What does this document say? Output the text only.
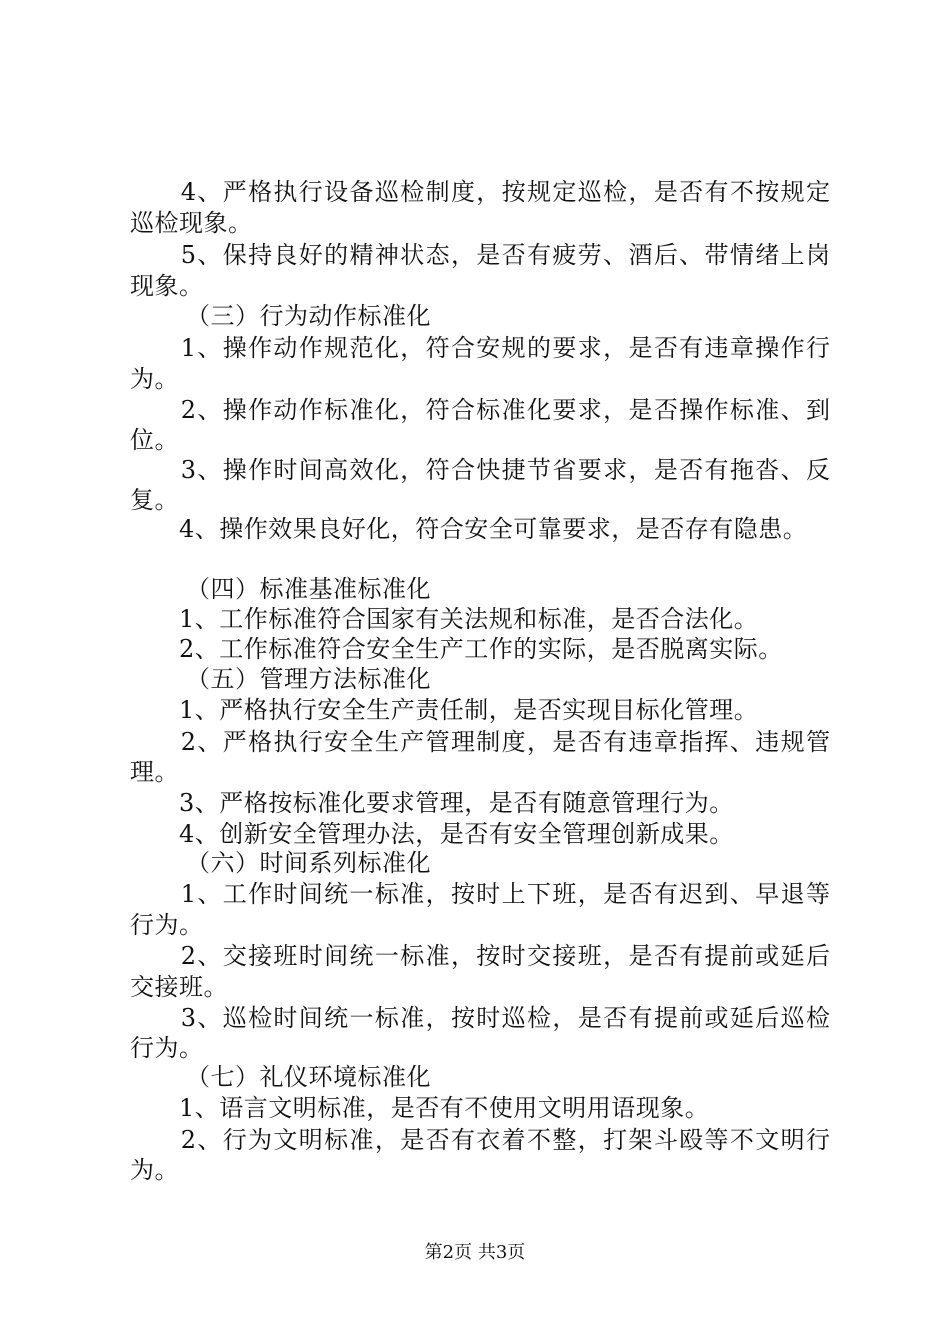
　　4、严格执行设备巡检制度，按规定巡检，是否有不按规定
巡检现象。
　　5、保持良好的精神状态，是否有疲劳、酒后、带情绪上岗
现象。
（三）行为动作标准化
　　1、操作动作规范化，符合安规的要求，是否有违章操作行
为。
　　2、操作动作标准化，符合标准化要求，是否操作标准、到
位。
　　3、操作时间高效化，符合快捷节省要求，是否有拖沓、反
复。
　　4、操作效果良好化，符合安全可靠要求，是否存有隐患。
（四）标准基准标准化
　　1、工作标准符合国家有关法规和标准，是否合法化。
　　2、工作标准符合安全生产工作的实际，是否脱离实际。
（五）管理方法标准化
　　1、严格执行安全生产责任制，是否实现目标化管理。
　　2、严格执行安全生产管理制度，是否有违章指挥、违规管
理。
　　3、严格按标准化要求管理，是否有随意管理行为。
　　4、创新安全管理办法，是否有安全管理创新成果。
（六）时间系列标准化
　　1、工作时间统一标准，按时上下班，是否有迟到、早退等
行为。
　　2、交接班时间统一标准，按时交接班，是否有提前或延后
交接班。
　　3、巡检时间统一标准，按时巡检，是否有提前或延后巡检
行为。
（七）礼仪环境标准化
　　1、语言文明标准，是否有不使用文明用语现象。
　　2、行为文明标准，是否有衣着不整，打架斗殴等不文明行
为。
第2页 共3页
